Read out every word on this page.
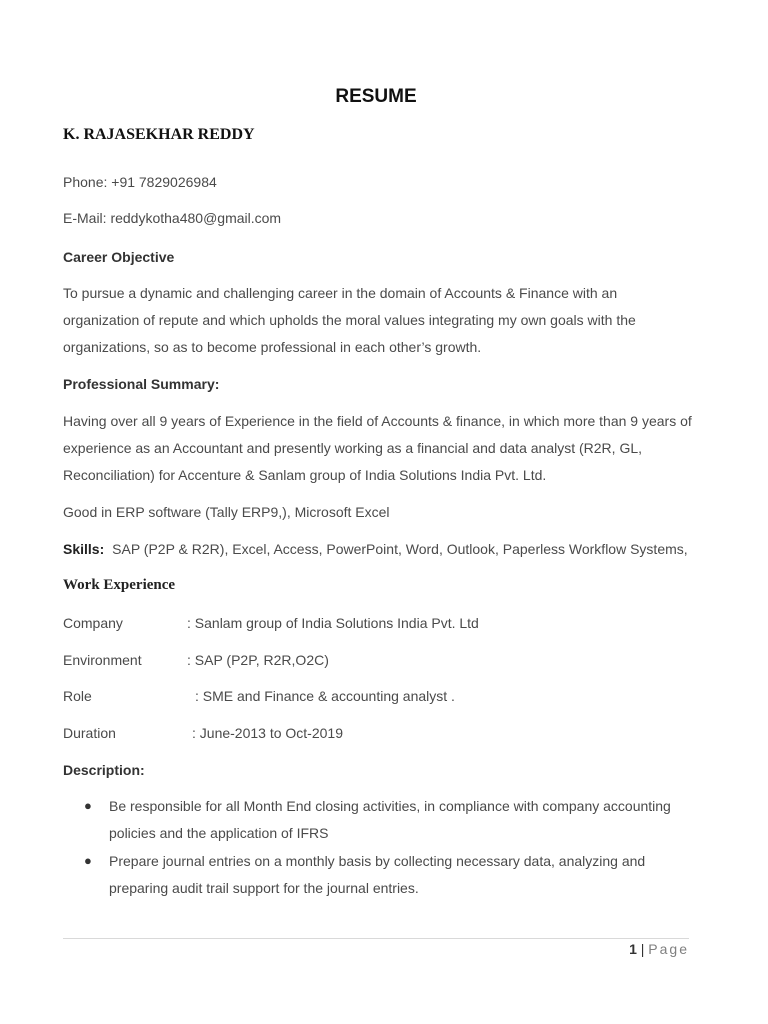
RESUME
K. RAJASEKHAR REDDY
Phone: +91 7829026984
E-Mail: reddykotha480@gmail.com
Career Objective
To pursue a dynamic and challenging career in the domain of Accounts & Finance with an organization of repute and which upholds the moral values integrating my own goals with the organizations, so as to become professional in each other’s growth.
Professional Summary:
Having over all 9 years of Experience in the field of Accounts & finance, in which more than 9 years of experience as an Accountant and presently working as a financial and data analyst (R2R, GL, Reconciliation) for Accenture & Sanlam group of India Solutions India Pvt. Ltd.
Good in ERP software (Tally ERP9,), Microsoft Excel
Skills: SAP (P2P & R2R), Excel, Access, PowerPoint, Word, Outlook, Paperless Workflow Systems,
Work Experience
Company	: Sanlam group of India Solutions India Pvt. Ltd
Environment	: SAP (P2P, R2R,O2C)
Role	: SME and Finance & accounting analyst .
Duration	: June-2013 to Oct-2019
Description:
● Be responsible for all Month End closing activities, in compliance with company accounting policies and the application of IFRS
● Prepare journal entries on a monthly basis by collecting necessary data, analyzing and preparing audit trail support for the journal entries.
1 | Page
